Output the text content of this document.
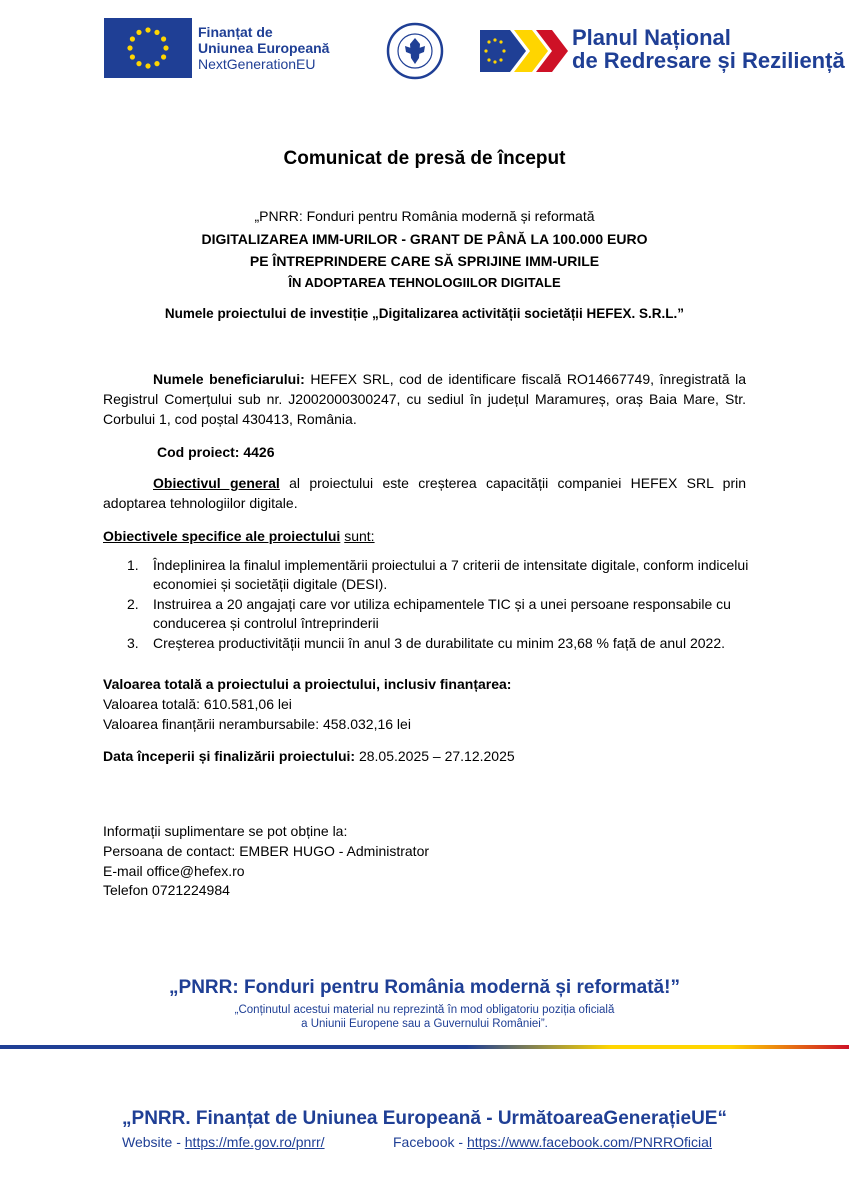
Finanțat de
Uniunea Europeană
NextGenerationEU
Planul Național
de Redresare și Reziliență
Comunicat de presă de început
„PNRR: Fonduri pentru România modernă și reformată
DIGITALIZAREA IMM-URILOR - GRANT DE PÂNĂ LA 100.000 EURO
PE ÎNTREPRINDERE CARE SĂ SPRIJINE IMM-URILE
ÎN ADOPTAREA TEHNOLOGIILOR DIGITALE
Numele proiectului de investiție „Digitalizarea activității societății HEFEX. S.R.L.”
Numele beneficiarului: HEFEX SRL, cod de identificare fiscală RO14667749, înregistrată la Registrul Comerțului sub nr. J2002000300247, cu sediul în județul Maramureș, oraș Baia Mare, Str. Corbului 1, cod poștal 430413, România.
Cod proiect: 4426
Obiectivul general al proiectului este creșterea capacității companiei HEFEX SRL prin adoptarea tehnologiilor digitale.
Obiectivele specifice ale proiectului sunt:
1. Îndeplinirea la finalul implementării proiectului a 7 criterii de intensitate digitale, conform indicelui economiei și societății digitale (DESI).
2. Instruirea a 20 angajați care vor utiliza echipamentele TIC și a unei persoane responsabile cu conducerea și controlul întreprinderii
3. Creșterea productivității muncii în anul 3 de durabilitate cu minim 23,68 % față de anul 2022.
Valoarea totală a proiectului a proiectului, inclusiv finanțarea:
Valoarea totală: 610.581,06 lei
Valoarea finanțării nerambursabile: 458.032,16 lei
Data începerii și finalizării proiectului: 28.05.2025 – 27.12.2025
Informații suplimentare se pot obține la:
Persoana de contact: EMBER HUGO - Administrator
E-mail office@hefex.ro
Telefon 0721224984
„PNRR: Fonduri pentru România modernă și reformată!”
„Conținutul acestui material nu reprezintă în mod obligatoriu poziția oficială
a Uniunii Europene sau a Guvernului României”.
„PNRR. Finanțat de Uniunea Europeană - UrmătoareaGenerațieUE“
Website - https://mfe.gov.ro/pnrr/	Facebook - https://www.facebook.com/PNRROficial
